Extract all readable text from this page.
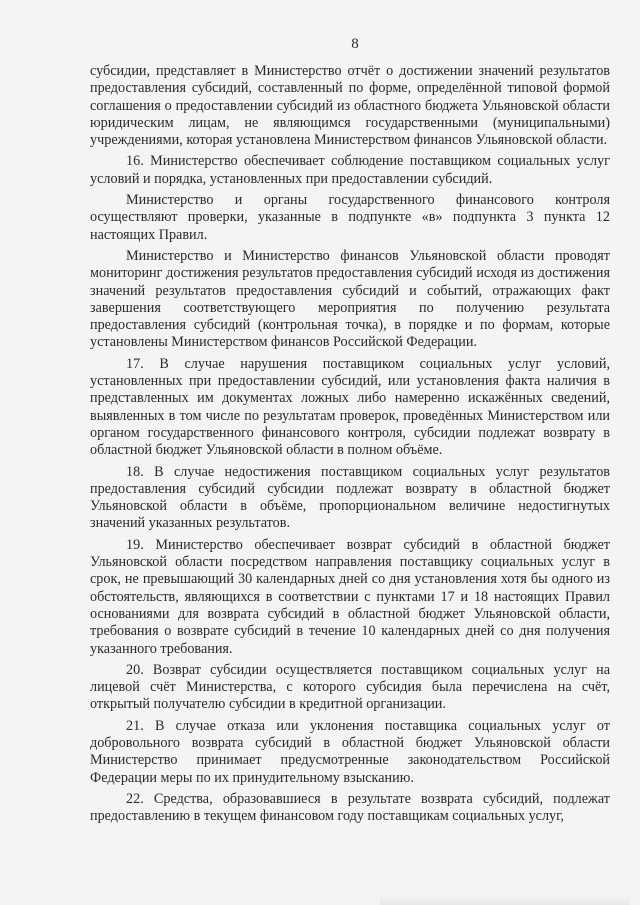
8

субсидии, представляет в Министерство отчёт о достижении значений результатов предоставления субсидий, составленный по форме, определённой типовой формой соглашения о предоставлении субсидий из областного бюджета Ульяновской области юридическим лицам, не являющимся государственными (муниципальными) учреждениями, которая установлена Министерством финансов Ульяновской области.

16. Министерство обеспечивает соблюдение поставщиком социальных услуг условий и порядка, установленных при предоставлении субсидий.

Министерство и органы государственного финансового контроля осуществляют проверки, указанные в подпункте «в» подпункта 3 пункта 12 настоящих Правил.

Министерство и Министерство финансов Ульяновской области проводят мониторинг достижения результатов предоставления субсидий исходя из достижения значений результатов предоставления субсидий и событий, отражающих факт завершения соответствующего мероприятия по получению результата предоставления субсидий (контрольная точка), в порядке и по формам, которые установлены Министерством финансов Российской Федерации.

17. В случае нарушения поставщиком социальных услуг условий, установленных при предоставлении субсидий, или установления факта наличия в представленных им документах ложных либо намеренно искажённых сведений, выявленных в том числе по результатам проверок, проведённых Министерством или органом государственного финансового контроля, субсидии подлежат возврату в областной бюджет Ульяновской области в полном объёме.

18. В случае недостижения поставщиком социальных услуг результатов предоставления субсидий субсидии подлежат возврату в областной бюджет Ульяновской области в объёме, пропорциональном величине недостигнутых значений указанных результатов.

19. Министерство обеспечивает возврат субсидий в областной бюджет Ульяновской области посредством направления поставщику социальных услуг в срок, не превышающий 30 календарных дней со дня установления хотя бы одного из обстоятельств, являющихся в соответствии с пунктами 17 и 18 настоящих Правил основаниями для возврата субсидий в областной бюджет Ульяновской области, требования о возврате субсидий в течение 10 календарных дней со дня получения указанного требования.

20. Возврат субсидии осуществляется поставщиком социальных услуг на лицевой счёт Министерства, с которого субсидия была перечислена на счёт, открытый получателю субсидии в кредитной организации.

21. В случае отказа или уклонения поставщика социальных услуг от добровольного возврата субсидий в областной бюджет Ульяновской области Министерство принимает предусмотренные законодательством Российской Федерации меры по их принудительному взысканию.

22. Средства, образовавшиеся в результате возврата субсидий, подлежат предоставлению в текущем финансовом году поставщикам социальных услуг,
